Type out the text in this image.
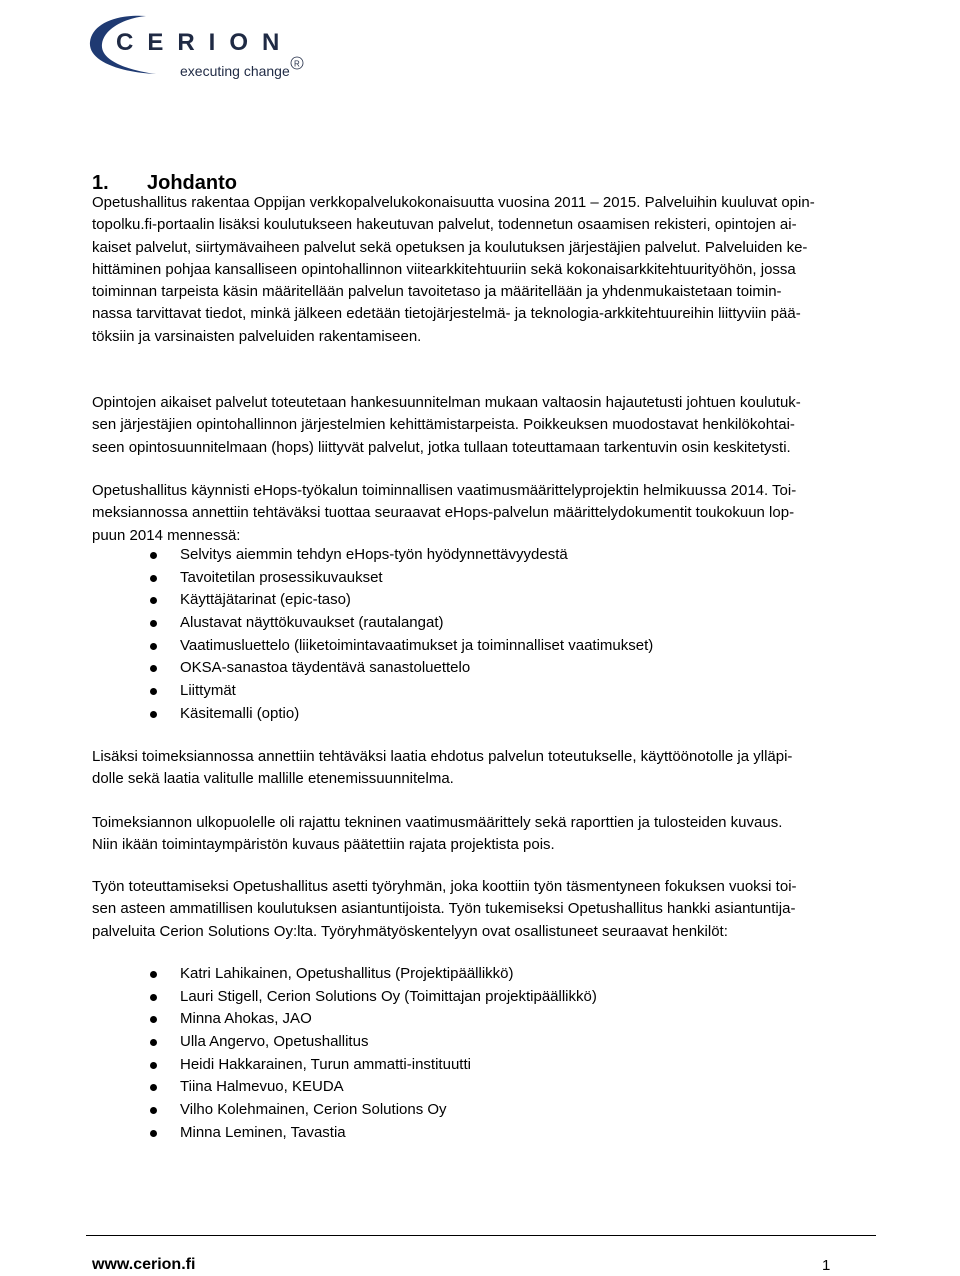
CERION
executing change R
1. Johdanto

Opetushallitus rakentaa Oppijan verkkopalvelukokonaisuutta vuosina 2011 – 2015. Palveluihin kuuluvat opin-
topolku.fi-portaalin lisäksi koulutukseen hakeutuvan palvelut, todennetun osaamisen rekisteri, opintojen ai-
kaiset palvelut, siirtymävaiheen palvelut sekä opetuksen ja koulutuksen järjestäjien palvelut. Palveluiden ke-
hittäminen pohjaa kansalliseen opintohallinnon viitearkkitehtuuriin sekä kokonaisarkkitehtuurityöhön, jossa
toiminnan tarpeista käsin määritellään palvelun tavoitetaso ja määritellään ja yhdenmukaistetaan toimin-
nassa tarvittavat tiedot, minkä jälkeen edetään tietojärjestelmä- ja teknologia-arkkitehtuureihin liittyviin pää-
töksiin ja varsinaisten palveluiden rakentamiseen.

Opintojen aikaiset palvelut toteutetaan hankesuunnitelman mukaan valtaosin hajautetusti johtuen koulutuk-
sen järjestäjien opintohallinnon järjestelmien kehittämistarpeista. Poikkeuksen muodostavat henkilökohtai-
seen opintosuunnitelmaan (hops) liittyvät palvelut, jotka tullaan toteuttamaan tarkentuvin osin keskitetysti.

Opetushallitus käynnisti eHops-työkalun toiminnallisen vaatimusmäärittelyprojektin helmikuussa 2014. Toi-
meksiannossa annettiin tehtäväksi tuottaa seuraavat eHops-palvelun määrittelydokumentit toukokuun lop-
puun 2014 mennessä:

Selvitys aiemmin tehdyn eHops-työn hyödynnettävyydestä
Tavoitetilan prosessikuvaukset
Käyttäjätarinat (epic-taso)
Alustavat näyttökuvaukset (rautalangat)
Vaatimusluettelo (liiketoimintavaatimukset ja toiminnalliset vaatimukset)
OKSA-sanastoa täydentävä sanastoluettelo
Liittymät
Käsitemalli (optio)

Lisäksi toimeksiannossa annettiin tehtäväksi laatia ehdotus palvelun toteutukselle, käyttöönotolle ja ylläpi-
dolle sekä laatia valitulle mallille etenemissuunnitelma.

Toimeksiannon ulkopuolelle oli rajattu tekninen vaatimusmäärittely sekä raporttien ja tulosteiden kuvaus.
Niin ikään toimintaympäristön kuvaus päätettiin rajata projektista pois.

Työn toteuttamiseksi Opetushallitus asetti työryhmän, joka koottiin työn täsmentyneen fokuksen vuoksi toi-
sen asteen ammatillisen koulutuksen asiantuntijoista. Työn tukemiseksi Opetushallitus hankki asiantuntija-
palveluita Cerion Solutions Oy:lta. Työryhmätyöskentelyyn ovat osallistuneet seuraavat henkilöt:

Katri Lahikainen, Opetushallitus (Projektipäällikkö)
Lauri Stigell, Cerion Solutions Oy (Toimittajan projektipäällikkö)
Minna Ahokas, JAO
Ulla Angervo, Opetushallitus
Heidi Hakkarainen, Turun ammatti-instituutti
Tiina Halmevuo, KEUDA
Vilho Kolehmainen, Cerion Solutions Oy
Minna Leminen, Tavastia
www.cerion.fi	1
